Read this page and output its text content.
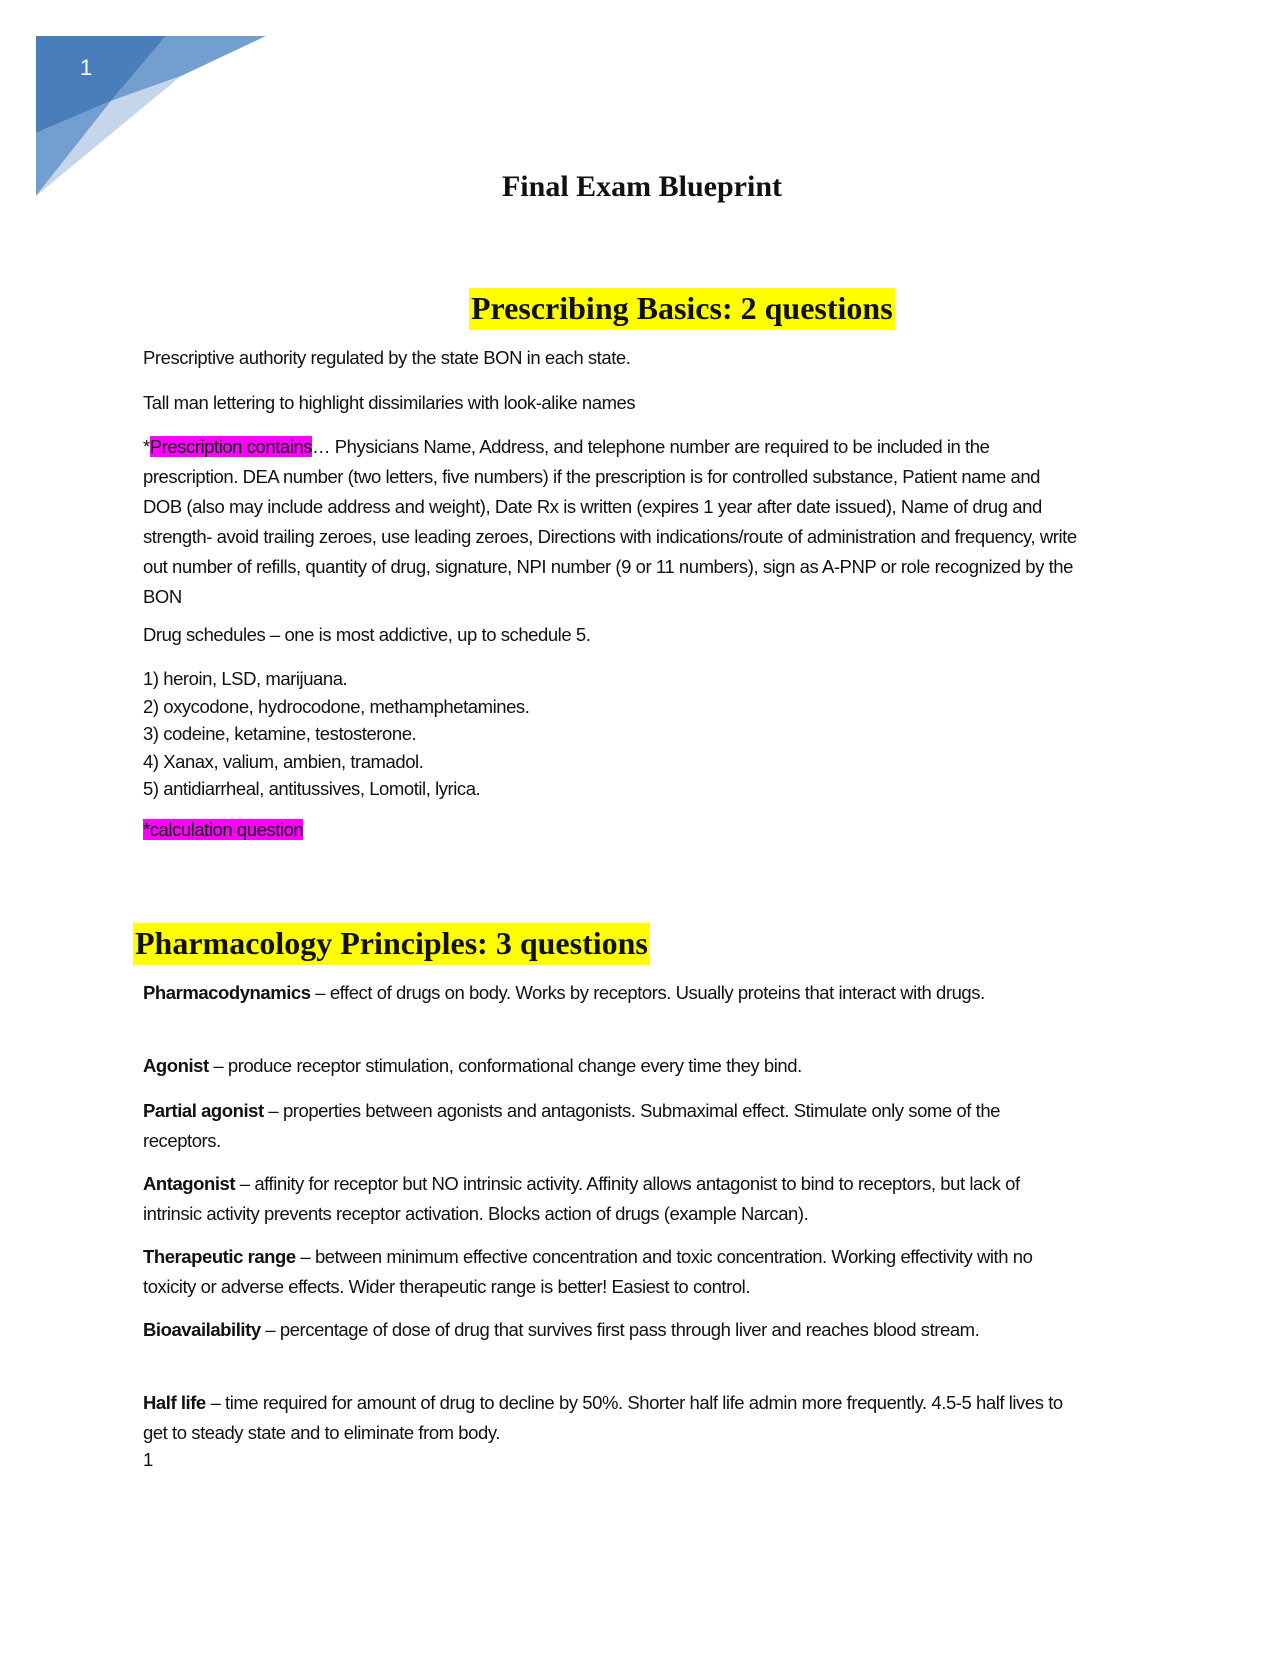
1
Final Exam Blueprint
Prescribing Basics: 2 questions
Prescriptive authority regulated by the state BON in each state.
Tall man lettering to highlight dissimilaries with look-alike names
*Prescription contains… Physicians Name, Address, and telephone number are required to be included in the prescription. DEA number (two letters, five numbers) if the prescription is for controlled substance, Patient name and DOB (also may include address and weight), Date Rx is written (expires 1 year after date issued), Name of drug and strength- avoid trailing zeroes, use leading zeroes, Directions with indications/route of administration and frequency, write out number of refills, quantity of drug, signature, NPI number (9 or 11 numbers), sign as A-PNP or role recognized by the BON
Drug schedules – one is most addictive, up to schedule 5.
1) heroin, LSD, marijuana.
2) oxycodone, hydrocodone, methamphetamines.
3) codeine, ketamine, testosterone.
4) Xanax, valium, ambien, tramadol.
5) antidiarrheal, antitussives, Lomotil, lyrica.
*calculation question
Pharmacology Principles: 3 questions
Pharmacodynamics – effect of drugs on body. Works by receptors. Usually proteins that interact with drugs.
Agonist – produce receptor stimulation, conformational change every time they bind.
Partial agonist – properties between agonists and antagonists. Submaximal effect. Stimulate only some of the receptors.
Antagonist – affinity for receptor but NO intrinsic activity. Affinity allows antagonist to bind to receptors, but lack of intrinsic activity prevents receptor activation. Blocks action of drugs (example Narcan).
Therapeutic range – between minimum effective concentration and toxic concentration. Working effectivity with no toxicity or adverse effects. Wider therapeutic range is better! Easiest to control.
Bioavailability – percentage of dose of drug that survives first pass through liver and reaches blood stream.
Half life – time required for amount of drug to decline by 50%. Shorter half life admin more frequently. 4.5-5 half lives to get to steady state and to eliminate from body.
1
